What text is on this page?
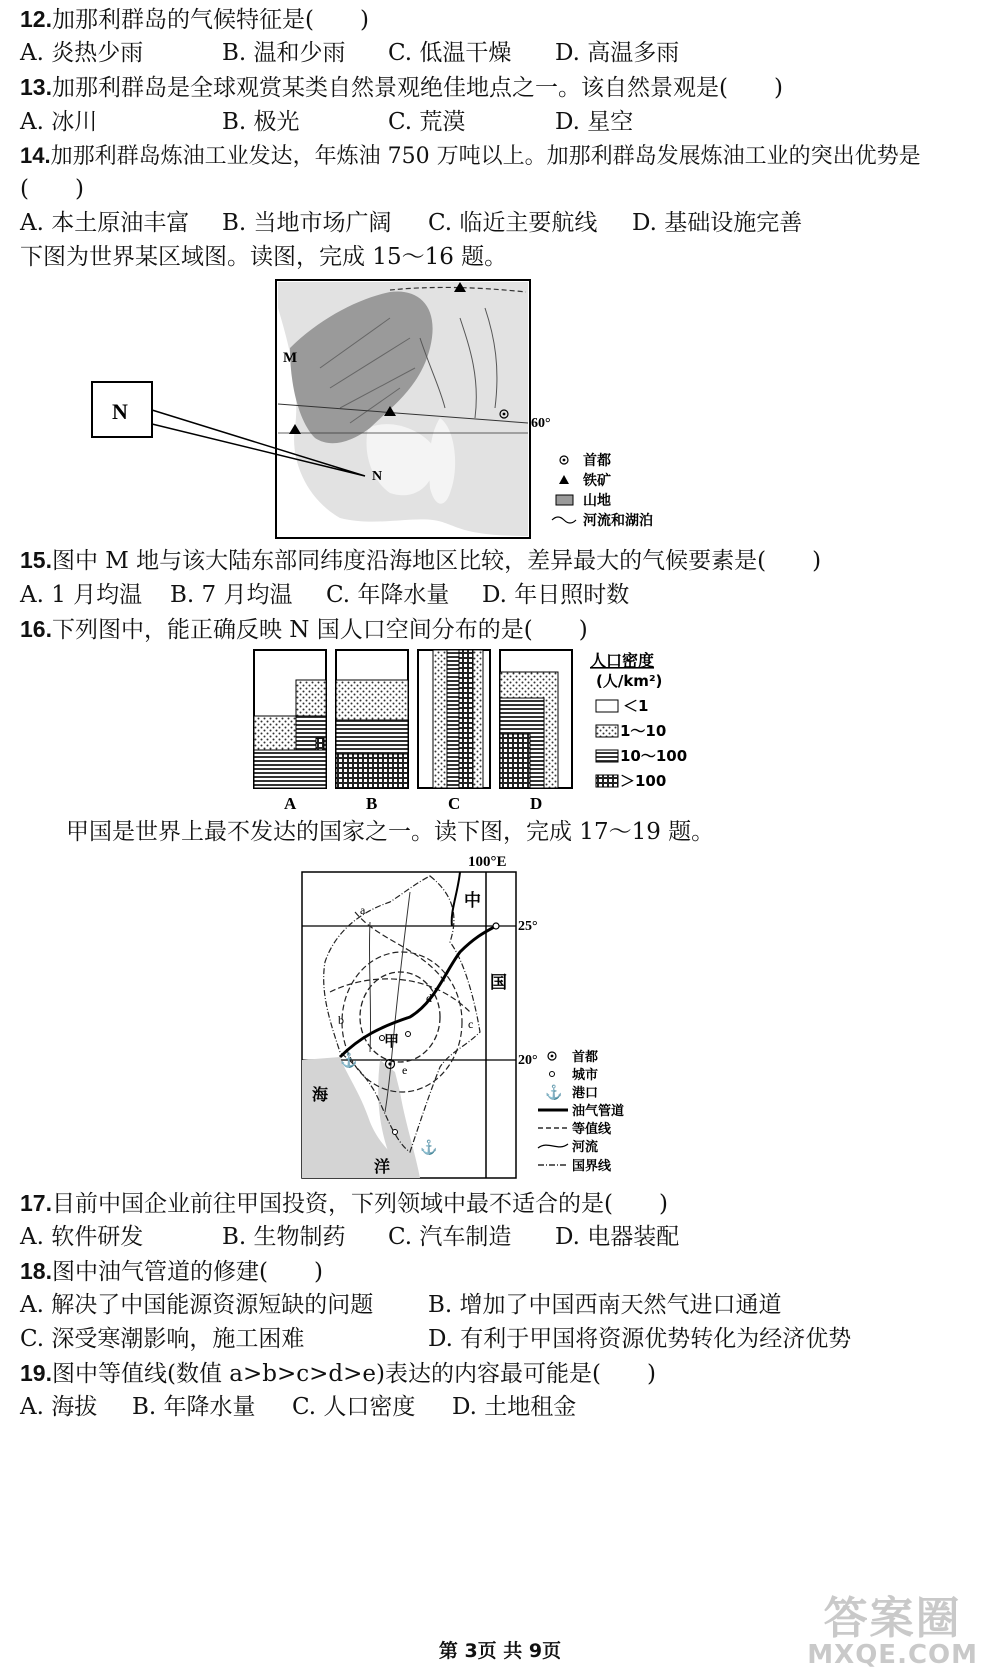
12.加那利群岛的气候特征是(　　)
A. 炎热少雨	B. 温和少雨 C. 低温干燥 D. 高温多雨
13.加那利群岛是全球观赏某类自然景观绝佳地点之一。该自然景观是(　　)
A. 冰川	B. 极光	C. 荒漠	D. 星空
14.加那利群岛炼油工业发达，年炼油 750 万吨以上。加那利群岛发展炼油工业的突出优势是
(　　)
A. 本土原油丰富 B. 当地市场广阔 C. 临近主要航线 D. 基础设施完善
下图为世界某区域图。读图，完成 15～16 题。
N
M
N
60°
首都
铁矿
山地
河流和湖泊
15.图中 M 地与该大陆东部同纬度沿海地区比较，差异最大的气候要素是(　　)
A. 1 月均温 B. 7 月均温 C. 年降水量 D. 年日照时数
16.下列图中，能正确反映 N 国人口空间分布的是(　　)
A	B	C	D
人口密度
(人/km²)
＜1
1～10
10～100
＞100
甲国是世界上最不发达的国家之一。读下图，完成 17～19 题。
⚓
⚓
100°E
25°
20°
中
国
甲
海
洋
a
b	c
d
e
首都
城市
⚓ 港口
油气管道
等值线
河流
国界线
17.目前中国企业前往甲国投资，下列领域中最不适合的是(　　)
A. 软件研发	B. 生物制药 C. 汽车制造 D. 电器装配
18.图中油气管道的修建(　　)
A. 解决了中国能源资源短缺的问题 B. 增加了中国西南天然气进口通道
C. 深受寒潮影响，施工困难	D. 有利于甲国将资源优势转化为经济优势
19.图中等值线(数值 a>b>c>d>e)表达的内容最可能是(　　)
A. 海拔 B. 年降水量 C. 人口密度 D. 土地租金
第 3页 共 9页
答案圈
MXQE.COM
